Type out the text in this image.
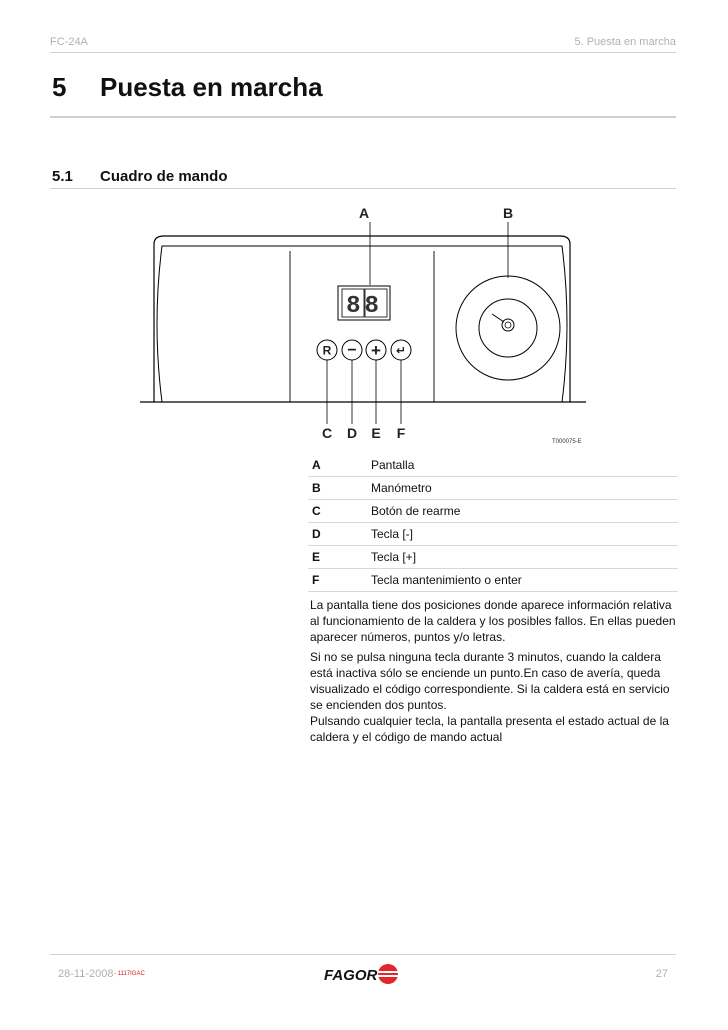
FC-24A	5. Puesta en marcha
5 Puesta en marcha
5.1 Cuadro de mando
A	B
88
R − + ↵
C D E F
T000075-E
A	Pantalla
B	Manómetro
C	Botón de rearme
D	Tecla [-]
E	Tecla [+]
F	Tecla mantenimiento o enter

La pantalla tiene dos posiciones donde aparece información relativa al funcionamiento de la caldera y los posibles fallos. En ellas pueden aparecer números, puntos y/o letras.

Si no se pulsa ninguna tecla durante 3 minutos, cuando la caldera está inactiva sólo se enciende un punto.En caso de avería, queda visualizado el código correspondiente. Si la caldera está en servicio se encienden dos puntos.

Pulsando cualquier tecla, la pantalla presenta el estado actual de la caldera y el código de mando actual

28-11-2008 - 1117IGAC	FAGOR	27
